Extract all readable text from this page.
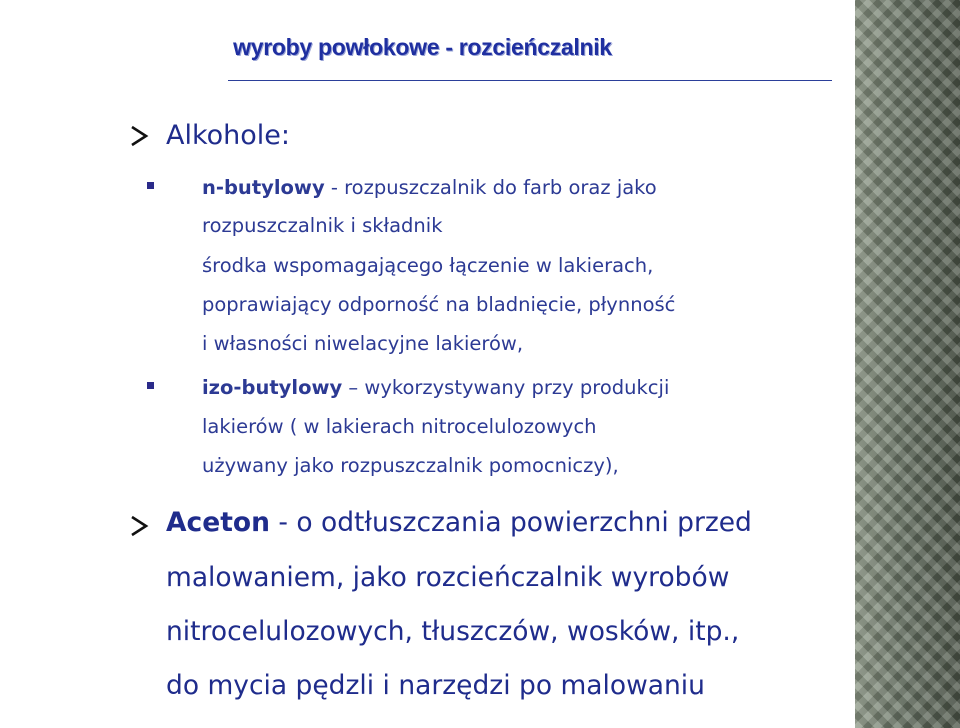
wyroby powłokowe - rozcieńczalnik

Alkohole:

n-butylowy - rozpuszczalnik do farb oraz jako

rozpuszczalnik i składnik

środka wspomagającego łączenie w lakierach,

poprawiający odporność na bladnięcie, płynność

i własności niwelacyjne lakierów,

izo-butylowy – wykorzystywany przy produkcji

lakierów ( w lakierach nitrocelulozowych

używany jako rozpuszczalnik pomocniczy),

Aceton - o odtłuszczania powierzchni przed

malowaniem, jako rozcieńczalnik wyrobów

nitrocelulozowych, tłuszczów, wosków, itp.,

do mycia pędzli i narzędzi po malowaniu
